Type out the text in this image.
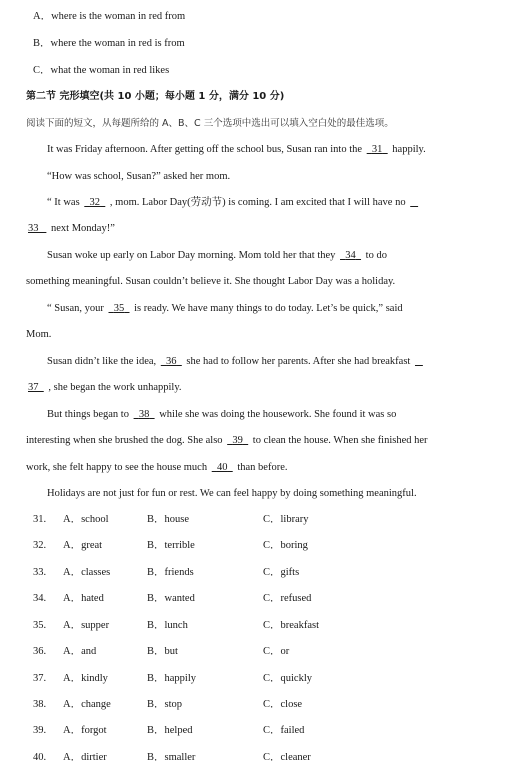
A．where is the woman in red from
B．where the woman in red is from
C．what the woman in red likes
第二节 完形填空(共 10 小题；每小题 1 分，满分 10 分)
阅读下面的短文，从每题所给的 A、B、C 三个选项中选出可以填入空白处的最佳选项。
It was Friday afternoon. After getting off the school bus, Susan ran into the 31 happily.
“How was school, Susan?” asked her mom.
“ It was 32 , mom. Labor Day(劳动节) is coming. I am excited that I will have no
33 next Monday!”
Susan woke up early on Labor Day morning. Mom told her that they 34 to do
something meaningful. Susan couldn’t believe it. She thought Labor Day was a holiday.
“ Susan, your 35 is ready. We have many things to do today. Let’s be quick,” said
Mom.
Susan didn’t like the idea, 36 she had to follow her parents. After she had breakfast
37 , she began the work unhappily.
But things began to 38 while she was doing the housework. She found it was so
interesting when she brushed the dog. She also 39 to clean the house. When she finished her
work, she felt happy to see the house much 40 than before.
Holidays are not just for fun or rest. We can feel happy by doing something meaningful.
31. A．school	B．house	C．library
32. A．great	B．terrible	C．boring
33. A．classes	B．friends	C．gifts
34. A．hated	B．wanted	C．refused
35. A．supper	B．lunch	C．breakfast
36. A．and	B．but	C．or
37. A．kindly	B．happily	C．quickly
38. A．change	B．stop	C．close
39. A．forgot	B．helped	C．failed
40. A．dirtier	B．smaller	C．cleaner
